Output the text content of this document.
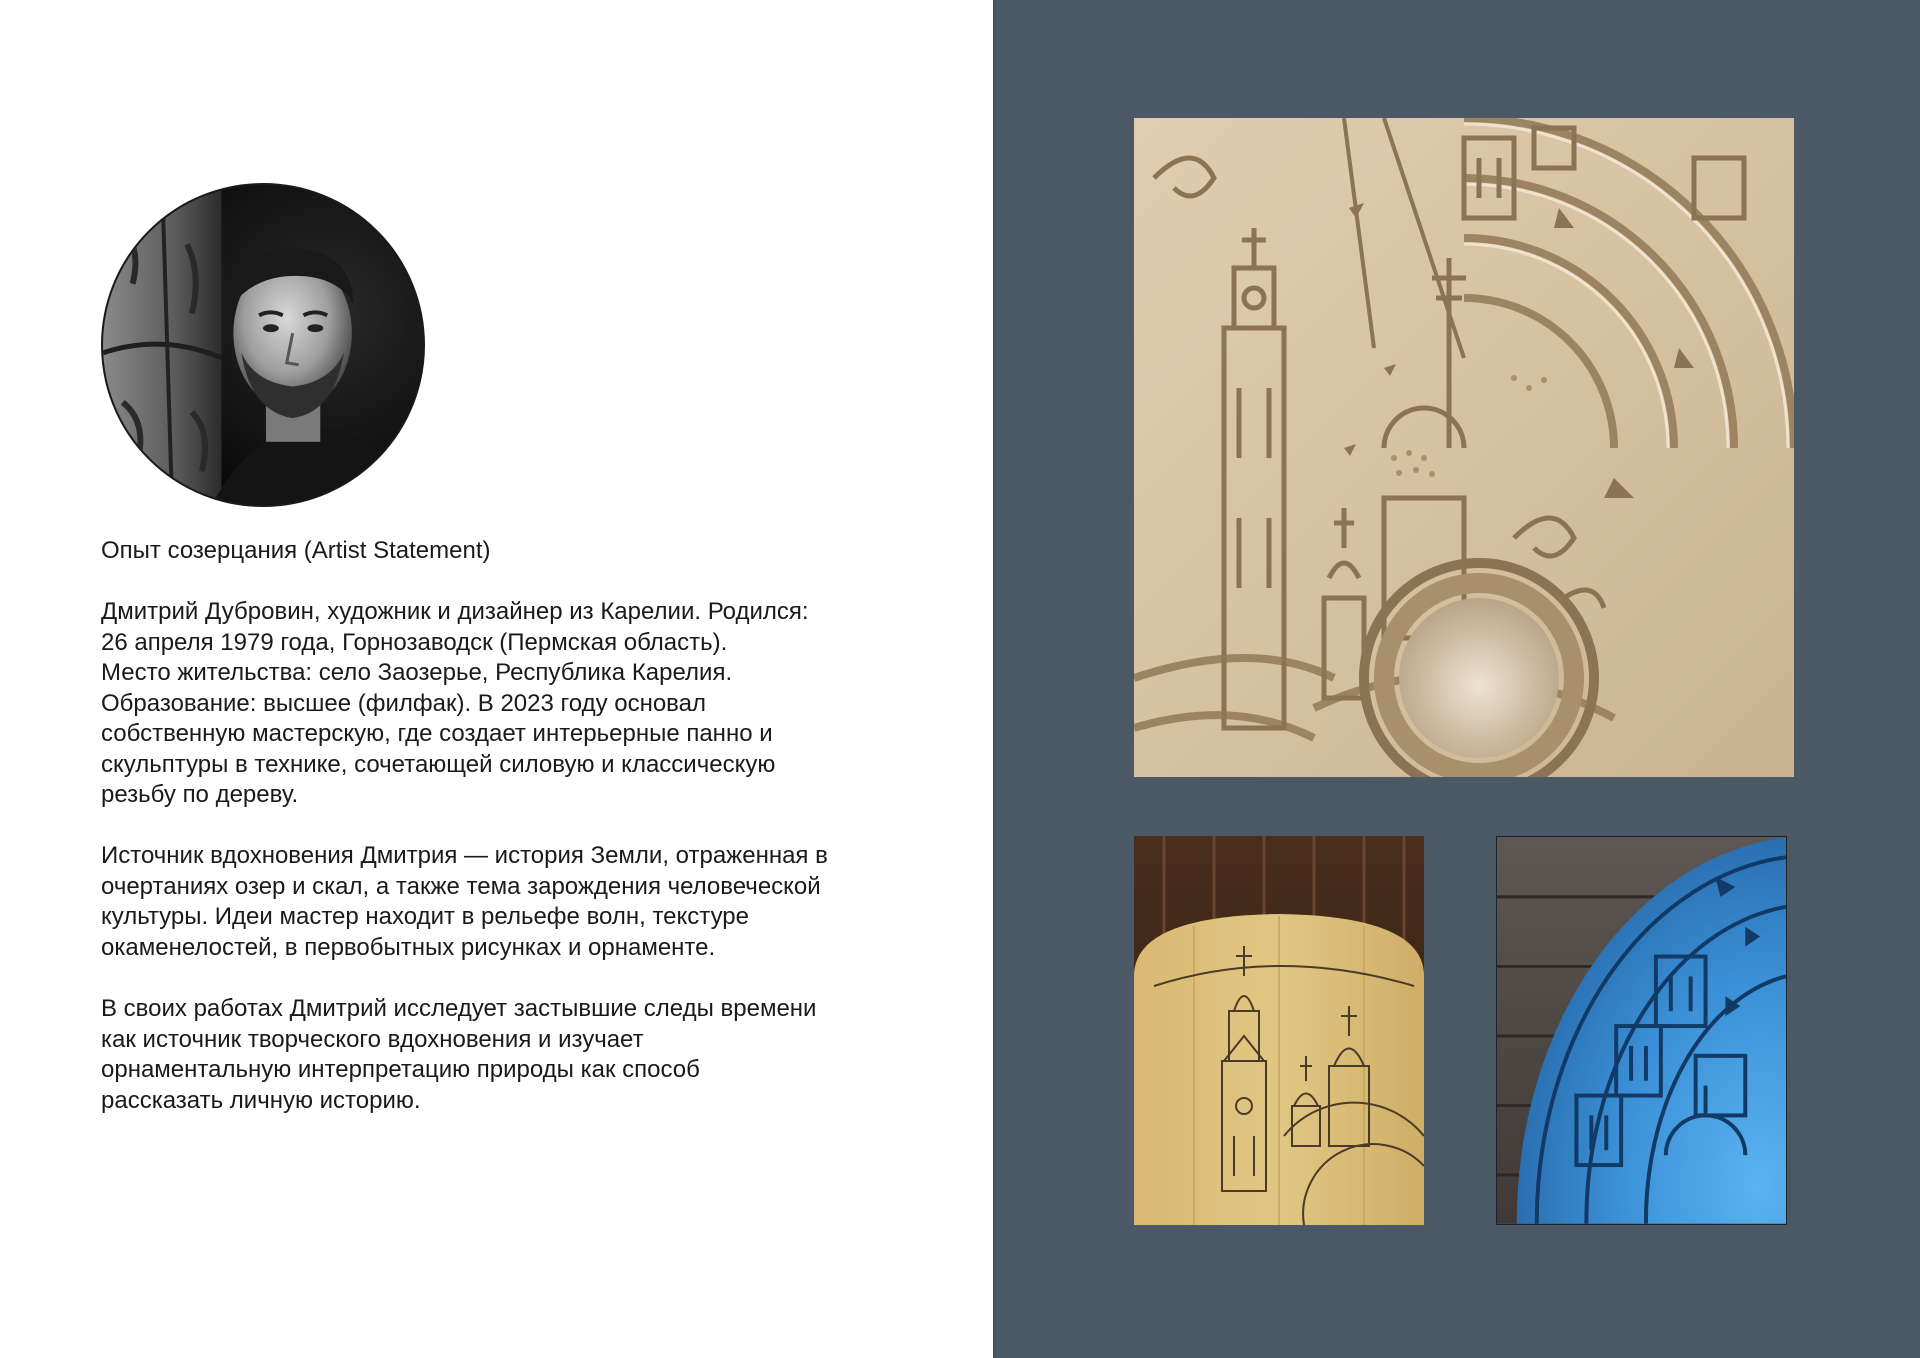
Опыт созерцания (Artist Statement)

Дмитрий Дубровин, художник и дизайнер из Карелии. Родился:
26 апреля 1979 года, Горнозаводск (Пермская область).
Место жительства: село Заозерье, Республика Карелия.
Образование: высшее (филфак). В 2023 году основал
собственную мастерскую, где создает интерьерные панно и
скульптуры в технике, сочетающей силовую и классическую
резьбу по дереву.

Источник вдохновения Дмитрия — история Земли, отраженная в
очертаниях озер и скал, а также тема зарождения человеческой
культуры. Идеи мастер находит в рельефе волн, текстуре
окаменелостей, в первобытных рисунках и орнаменте.

В своих работах Дмитрий исследует застывшие следы времени
как источник творческого вдохновения и изучает
орнаментальную интерпретацию природы как способ
рассказать личную историю.
